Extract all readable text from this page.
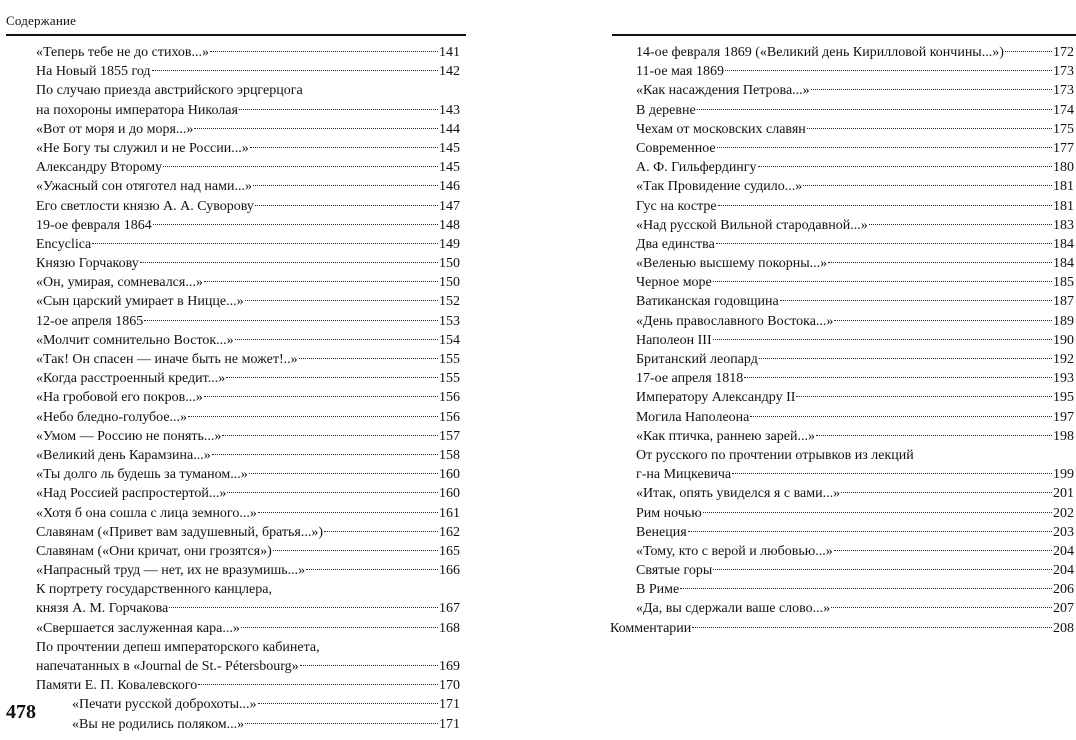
Содержание
«Теперь тебе не до стихов...»	141
На Новый 1855 год	142
По случаю приезда австрийского эрцгерцога
на похороны императора Николая	143
«Вот от моря и до моря...»	144
«Не Богу ты служил и не России...»	145
Александру Второму	145
«Ужасный сон отяготел над нами...»	146
Его светлости князю А. А. Суворову	147
19-ое февраля 1864	148
Encyclica	149
Князю Горчакову	150
«Он, умирая, сомневался...»	150
«Сын царский умирает в Ницце...»	152
12-ое апреля 1865	153
«Молчит сомнительно Восток...»	154
«Так! Он спасен — иначе быть не может!..»	155
«Когда расстроенный кредит...»	155
«На гробовой его покров...»	156
«Небо бледно-голубое...»	156
«Умом — Россию не понять...»	157
«Великий день Карамзина...»	158
«Ты долго ль будешь за туманом...»	160
«Над Россией распростертой...»	160
«Хотя б она сошла с лица земного...»	161
Славянам («Привет вам задушевный, братья...»)	162
Славянам («Они кричат, они грозятся»)	165
«Напрасный труд — нет, их не вразумишь...»	166
К портрету государственного канцлера,
князя А. М. Горчакова	167
«Свершается заслуженная кара...»	168
По прочтении депеш императорского кабинета,
напечатанных в «Journal de St.- Pétersbourg»	169
Памяти Е. П. Ковалевского	170
«Печати русской доброхоты...»	171
«Вы не родились поляком...»	171
478
14-ое февраля 1869 («Великий день Кирилловой кончины...»)	172
11-ое мая 1869	173
«Как насаждения Петрова...»	173
В деревне	174
Чехам от московских славян	175
Современное	177
А. Ф. Гильфердингу	180
«Так Провидение судило...»	181
Гус на костре	181
«Над русской Вильной стародавной...»	183
Два единства	184
«Веленью высшему покорны...»	184
Черное море	185
Ватиканская годовщина	187
«День православного Востока...»	189
Наполеон III	190
Британский леопард	192
17-ое апреля 1818	193
Императору Александру II	195
Могила Наполеона	197
«Как птичка, раннею зарей...»	198
От русского по прочтении отрывков из лекций
г-на Мицкевича	199
«Итак, опять увиделся я с вами...»	201
Рим ночью	202
Венеция	203
«Тому, кто с верой и любовью...»	204
Святые горы	204
В Риме	206
«Да, вы сдержали ваше слово...»	207
Комментарии	208
